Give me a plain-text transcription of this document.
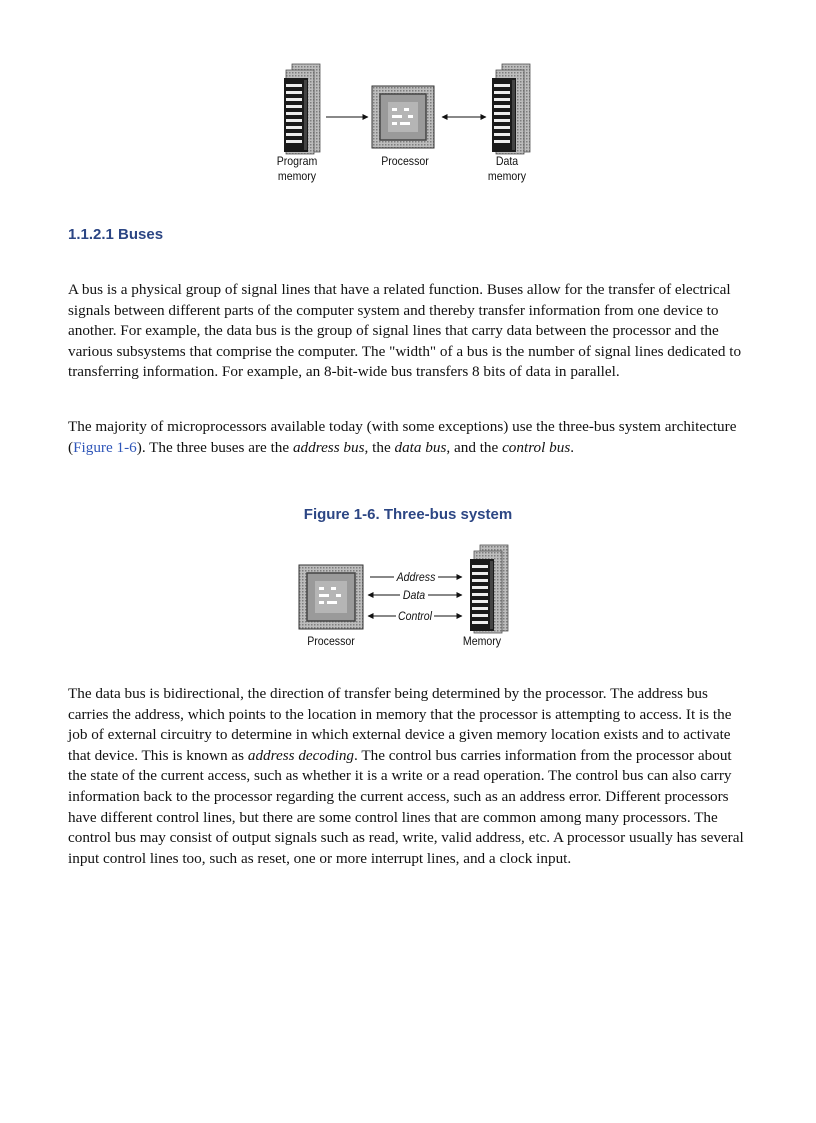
Program
memory
Processor	Data
memory
1.1.2.1 Buses

A bus is a physical group of signal lines that have a related function. Buses allow for the transfer of electrical signals between different parts of the computer system and thereby transfer information from one device to another. For example, the data bus is the group of signal lines that carry data between the processor and the various subsystems that comprise the computer. The "width" of a bus is the number of signal lines dedicated to transferring information. For example, an 8-bit-wide bus transfers 8 bits of data in parallel.

The majority of microprocessors available today (with some exceptions) use the three-bus system architecture (Figure 1-6). The three buses are the address bus, the data bus, and the control bus.

Figure 1-6. Three-bus system

Address
Data
Control
Processor	Memory

The data bus is bidirectional, the direction of transfer being determined by the processor. The address bus carries the address, which points to the location in memory that the processor is attempting to access. It is the job of external circuitry to determine in which external device a given memory location exists and to activate that device. This is known as address decoding. The control bus carries information from the processor about the state of the current access, such as whether it is a write or a read operation. The control bus can also carry information back to the processor regarding the current access, such as an address error. Different processors have different control lines, but there are some control lines that are common among many processors. The control bus may consist of output signals such as read, write, valid address, etc. A processor usually has several input control lines too, such as reset, one or more interrupt lines, and a clock input.
